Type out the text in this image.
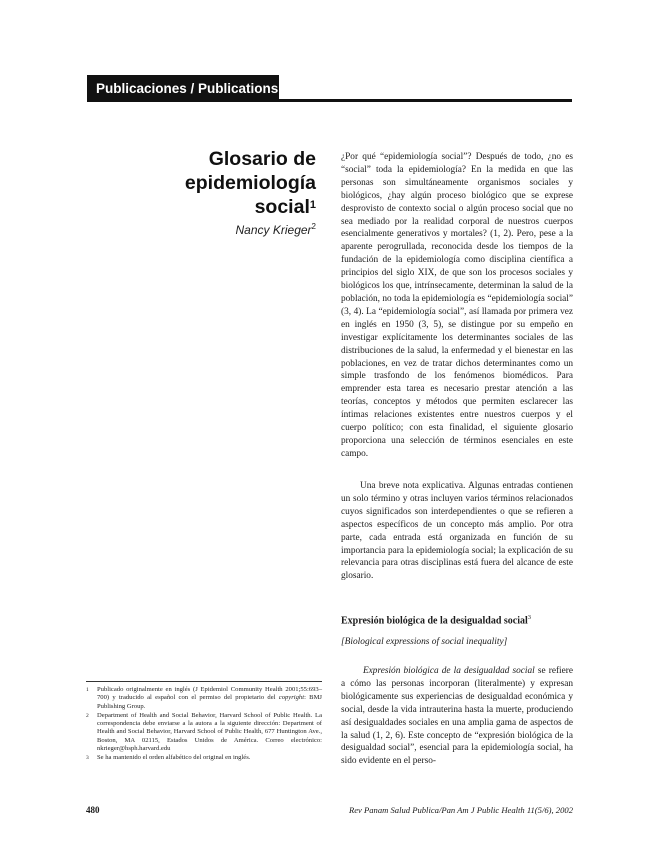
Publicaciones / Publications
Glosario de
epidemiología social$^1$
Nancy Krieger$^2$
¿Por qué “epidemiología social”? Después de todo, ¿no es “social” toda la epidemiología? En la medida en que las personas son simultáneamente organismos sociales y biológicos, ¿hay algún proceso biológico que se exprese desprovisto de contexto social o algún proceso social que no sea mediado por la realidad corporal de nuestros cuerpos esencialmente generativos y mortales? (1, 2). Pero, pese a la aparente perogrullada, reconocida desde los tiempos de la fundación de la epidemiología como disciplina científica a principios del siglo XIX, de que son los procesos sociales y biológicos los que, intrínsecamente, determinan la salud de la población, no toda la epidemiología es “epidemiología social” (3, 4). La “epidemiología social”, así llamada por primera vez en inglés en 1950 (3, 5), se distingue por su empeño en investigar explícitamente los determinantes sociales de las distribuciones de la salud, la enfermedad y el bienestar en las poblaciones, en vez de tratar dichos determinantes como un simple trasfondo de los fenómenos biomédicos. Para emprender esta tarea es necesario prestar atención a las teorías, conceptos y métodos que permiten esclarecer las íntimas relaciones existentes entre nuestros cuerpos y el cuerpo político; con esta finalidad, el siguiente glosario proporciona una selección de términos esenciales en este campo.
Una breve nota explicativa. Algunas entradas contienen un solo término y otras incluyen varios términos relacionados cuyos significados son interdependientes o que se refieren a aspectos específicos de un concepto más amplio. Por otra parte, cada entrada está organizada en función de su importancia para la epidemiología social; la explicación de su relevancia para otras disciplinas está fuera del alcance de este glosario.
Expresión biológica de la desigualdad social$^3$
[Biological expressions of social inequality]
Expresión biológica de la desigualdad social se refiere a cómo las personas incorporan (literalmente) y expresan biológicamente sus experiencias de desigualdad económica y social, desde la vida intrauterina hasta la muerte, produciendo así desigualdades sociales en una amplia gama de aspectos de la salud (1, 2, 6). Este concepto de “expresión biológica de la desigualdad social”, esencial para la epidemiología social, ha sido evidente en el perso-
1	Publicado originalmente en inglés (J Epidemiol Community Health 2001;55:693–700) y traducido al español con el permiso del propietario del copyright: BMJ Publishing Group.
2	Department of Health and Social Behavior, Harvard School of Public Health. La correspondencia debe enviarse a la autora a la siguiente dirección: Department of Health and Social Behavior, Harvard School of Public Health, 677 Huntington Ave., Boston, MA 02115, Estados Unidos de América. Correo electrónico: nkrieger@hsph.harvard.edu
3	Se ha mantenido el orden alfabético del original en inglés.
480	Rev Panam Salud Publica/Pan Am J Public Health 11(5/6), 2002
